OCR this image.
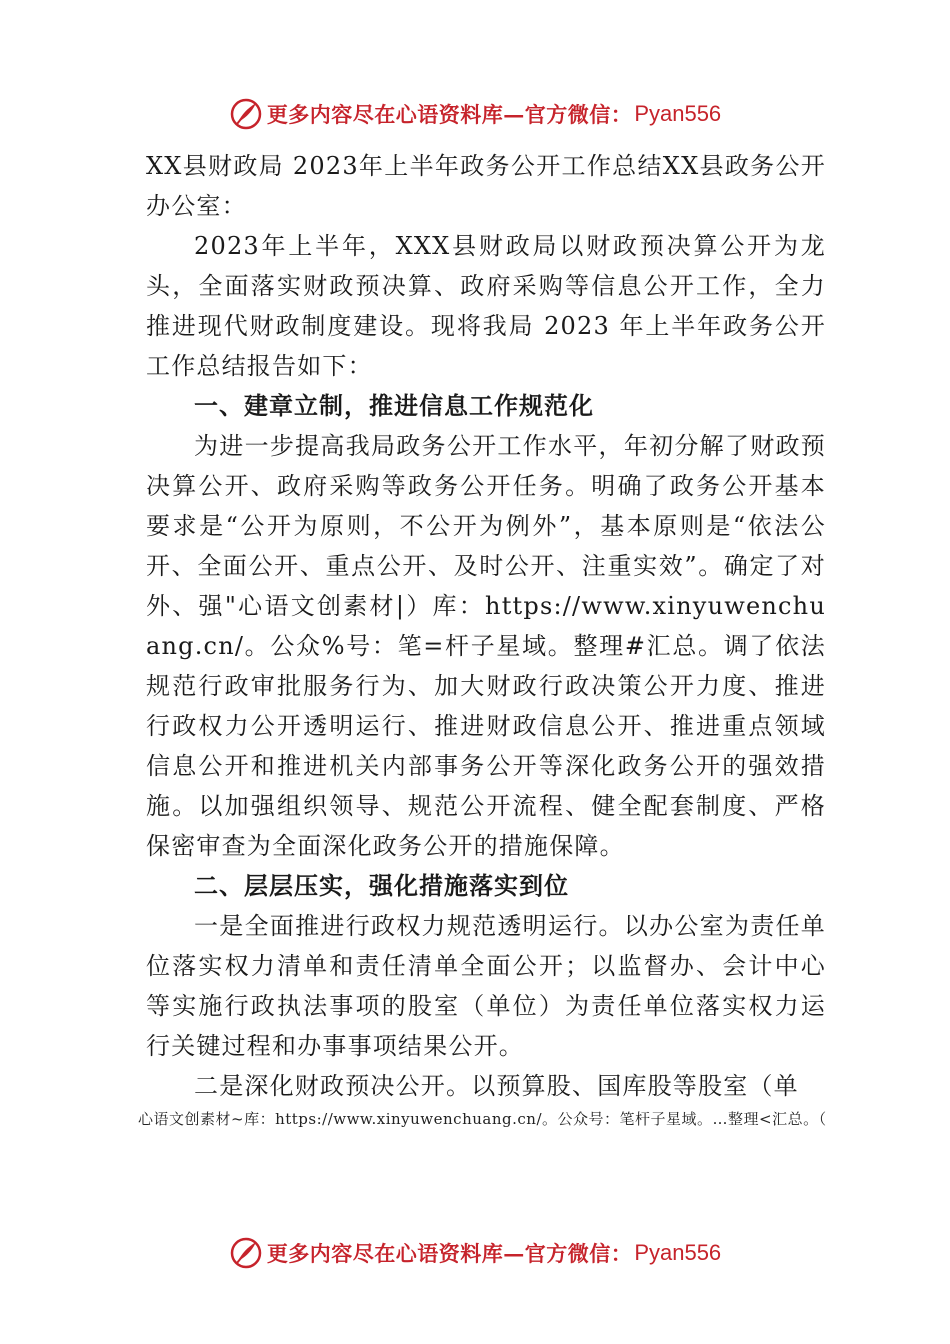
更多内容尽在心语资料库—官方微信： Pyan556

XX县财政局 2023年上半年政务公开工作总结XX县政务公开办公室：

2023年上半年，XXX县财政局以财政预决算公开为龙头，全面落实财政预决算、政府采购等信息公开工作，全力推进现代财政制度建设。现将我局 2023 年上半年政务公开工作总结报告如下：

一、建章立制，推进信息工作规范化

为进一步提高我局政务公开工作水平，年初分解了财政预决算公开、政府采购等政务公开任务。明确了政务公开基本要求是“公开为原则，不公开为例外”，基本原则是“依法公开、全面公开、重点公开、及时公开、注重实效”。确定了对外、强"心语文创素材|）库：https://www.xinyuwenchuang.cn/。公众%号：笔=杆子星域。整理#汇总。调了依法规范行政审批服务行为、加大财政行政决策公开力度、推进行政权力公开透明运行、推进财政信息公开、推进重点领域信息公开和推进机关内部事务公开等深化政务公开的强效措施。以加强组织领导、规范公开流程、健全配套制度、严格保密审查为全面深化政务公开的措施保障。

二、层层压实，强化措施落实到位

一是全面推进行政权力规范透明运行。以办公室为责任单位落实权力清单和责任清单全面公开；以监督办、会计中心等实施行政执法事项的股室（单位）为责任单位落实权力运行关键过程和办事事项结果公开。

二是深化财政预决公开。以预算股、国库股等股室（单

心语文创素材~库：https://www.xinyuwenchuang.cn/。公众号：笔杆子星域。…整理<汇总。（

更多内容尽在心语资料库—官方微信： Pyan556
